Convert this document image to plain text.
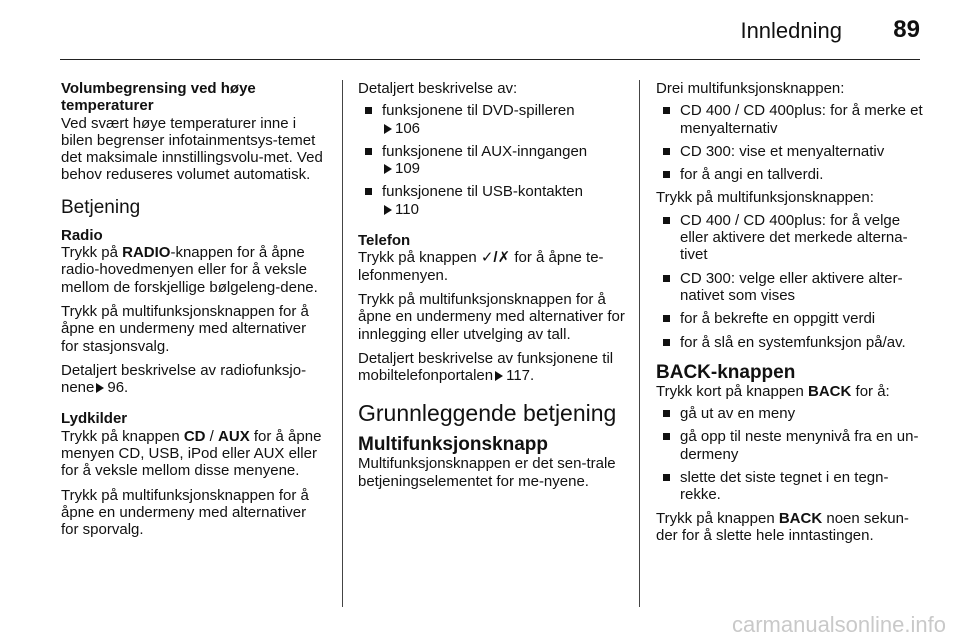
Innledning 89

Volumbegrensing ved høye temperaturer

Ved svært høye temperaturer inne i bilen begrenser infotainmentsys-temet det maksimale innstillingsvolu-met. Ved behov reduseres volumet automatisk.

Betjening

Radio

Trykk på RADIO-knappen for å åpne radio-hovedmenyen eller for å veksle mellom de forskjellige bølgeleng-dene.

Trykk på multifunksjonsknappen for å åpne en undermeny med alternativer for stasjonsvalg.

Detaljert beskrivelse av radiofunksjo-nene 96.

Lydkilder

Trykk på knappen CD / AUX for å åpne menyen CD, USB, iPod eller AUX eller for å veksle mellom disse menyene.

Trykk på multifunksjonsknappen for å åpne en undermeny med alternativer for sporvalg.

Detaljert beskrivelse av:

funksjonene til DVD-spilleren
106
funksjonene til AUX-inngangen
109
funksjonene til USB-kontakten
110

Telefon

Trykk på knappen ✓/✗ for å åpne te-lefonmenyen.

Trykk på multifunksjonsknappen for å åpne en undermeny med alternativer for innlegging eller utvelging av tall.

Detaljert beskrivelse av funksjonene til mobiltelefonportalen 117.

Grunnleggende betjening

Multifunksjonsknapp

Multifunksjonsknappen er det sen-trale betjeningselementet for me-nyene.

Drei multifunksjonsknappen:

CD 400 / CD 400plus: for å merke et menyalternativ
CD 300: vise et menyalternativ
for å angi en tallverdi.

Trykk på multifunksjonsknappen:

CD 400 / CD 400plus: for å velge eller aktivere det merkede alterna-tivet
CD 300: velge eller aktivere alter-nativet som vises
for å bekrefte en oppgitt verdi
for å slå en systemfunksjon på/av.

BACK-knappen

Trykk kort på knappen BACK for å:

gå ut av en meny
gå opp til neste menynivå fra en un-dermeny
slette det siste tegnet i en tegn-rekke.

Trykk på knappen BACK noen sekun-der for å slette hele inntastingen.

carmanualsonline.info
